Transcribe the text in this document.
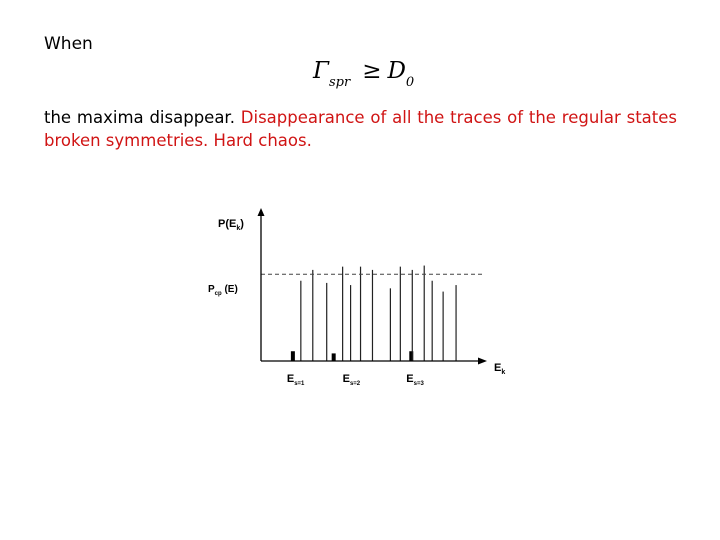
When
$\Gamma_{spr} \ge D_0$
the maxima disappear. Disappearance of all the traces of the regular states broken symmetries. Hard chaos.
$P(E_k)$
$P_{cp}$ (E)
$E_k$
$E_{s=1}$	$E_{s=2}$	$E_{s=3}$
